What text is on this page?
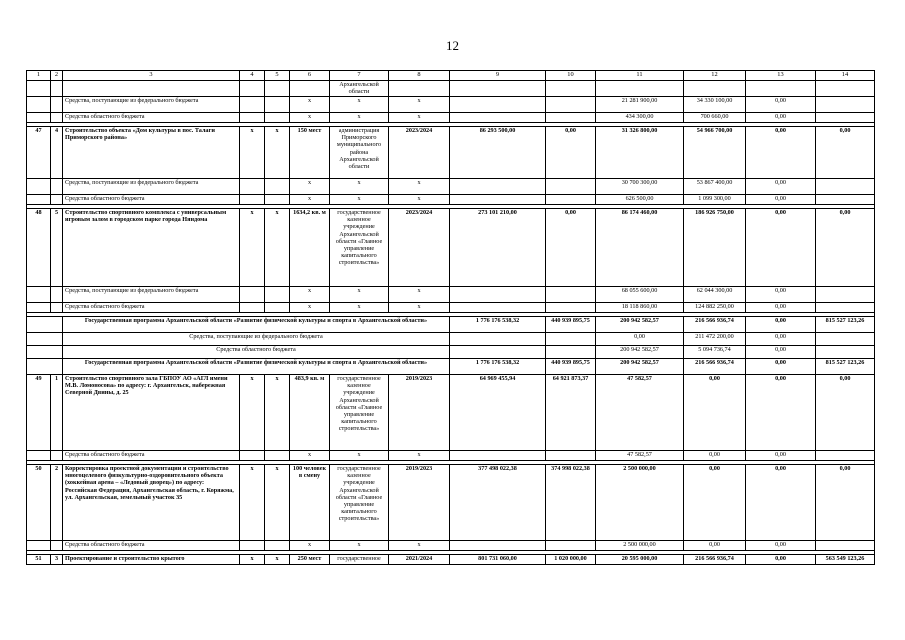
12
1	2	3	4	5	6	7	8	9	10	11	12	13	14
						Архангельской
области							
		Средства, поступающие из федерального бюджета			х	х	х			21 281 900,00	34 330 100,00	0,00	
		Средства областного бюджета			х	х	х			434 300,00	700 660,00	0,00	

47	4	Строительство объекта «Дом культуры в пос. Талаги Приморского района»	х	х	150 мест	администрация Приморского муниципального района Архангельской области	2023/2024	86 293 500,00	0,00	31 326 800,00	54 966 700,00	0,00	0,00
		Средства, поступающие из федерального бюджета			х	х	х			30 700 300,00	53 867 400,00	0,00	
		Средства областного бюджета			х	х	х			626 500,00	1 099 300,00	0,00	

48	5	Строительство спортивного комплекса с универсальным игровым залом в городском парке города Няндома	х	х	1634,2 кв. м	государственное казенное учреждение Архангельской области «Главное управление капитального строительства»	2023/2024	273 101 210,00	0,00	86 174 460,00	186 926 750,00	0,00	0,00
		Средства, поступающие из федерального бюджета			х	х	х			68 055 600,00	62 044 300,00	0,00	
		Средства областного бюджета			х	х	х			18 118 860,00	124 882 250,00	0,00	

		Государственная программа Архангельской области «Развитие физической культуры и спорта в Архангельской области»						1 776 176 538,32	440 939 895,75	200 942 582,57	216 566 936,74	0,00	815 527 123,26
		Средства, поступающие из федерального бюджета								0,00	211 472 200,00	0,00	
		Средства областного бюджета								200 942 582,57	5 094 736,74	0,00	
		Государственная программа Архангельской области «Развитие физической культуры и спорта в Архангельской области»						1 776 176 538,32	440 939 895,75	200 942 582,57	216 566 936,74	0,00	815 527 123,26
49	1	Строительство спортивного зала ГБПОУ АО «АГЛ имени М.В. Ломоносова» по адресу: г. Архангельск, набережная Северной Двины, д. 25	х	х	483,9 кв. м	государственное казенное учреждение Архангельской области «Главное управление капитального строительства»	2019/2023	64 969 455,94	64 921 873,37	47 582,57	0,00	0,00	0,00
		Средства областного бюджета			х	х	х			47 582,57	0,00	0,00	

50	2	Корректировка проектной документации и строительство многоцелевого физкультурно-оздоровительного объекта (хоккейная арена – «Ледовый дворец») по адресу: Российская Федерация, Архангельская область, г. Коряжма, ул. Архангельская, земельный участок 35	х	х	100 человек в смену	государственное казенное учреждение Архангельской области «Главное управление капитального строительства»	2019/2023	377 498 022,38	374 998 022,38	2 500 000,00	0,00	0,00	0,00
		Средства областного бюджета			х	х	х			2 500 000,00	0,00	0,00	

51	3	Проектирование и строительство крытого	х	х	250 мест	государственное	2021/2024	801 731 060,00	1 020 000,00	20 595 000,00	216 566 936,74	0,00	563 549 123,26
